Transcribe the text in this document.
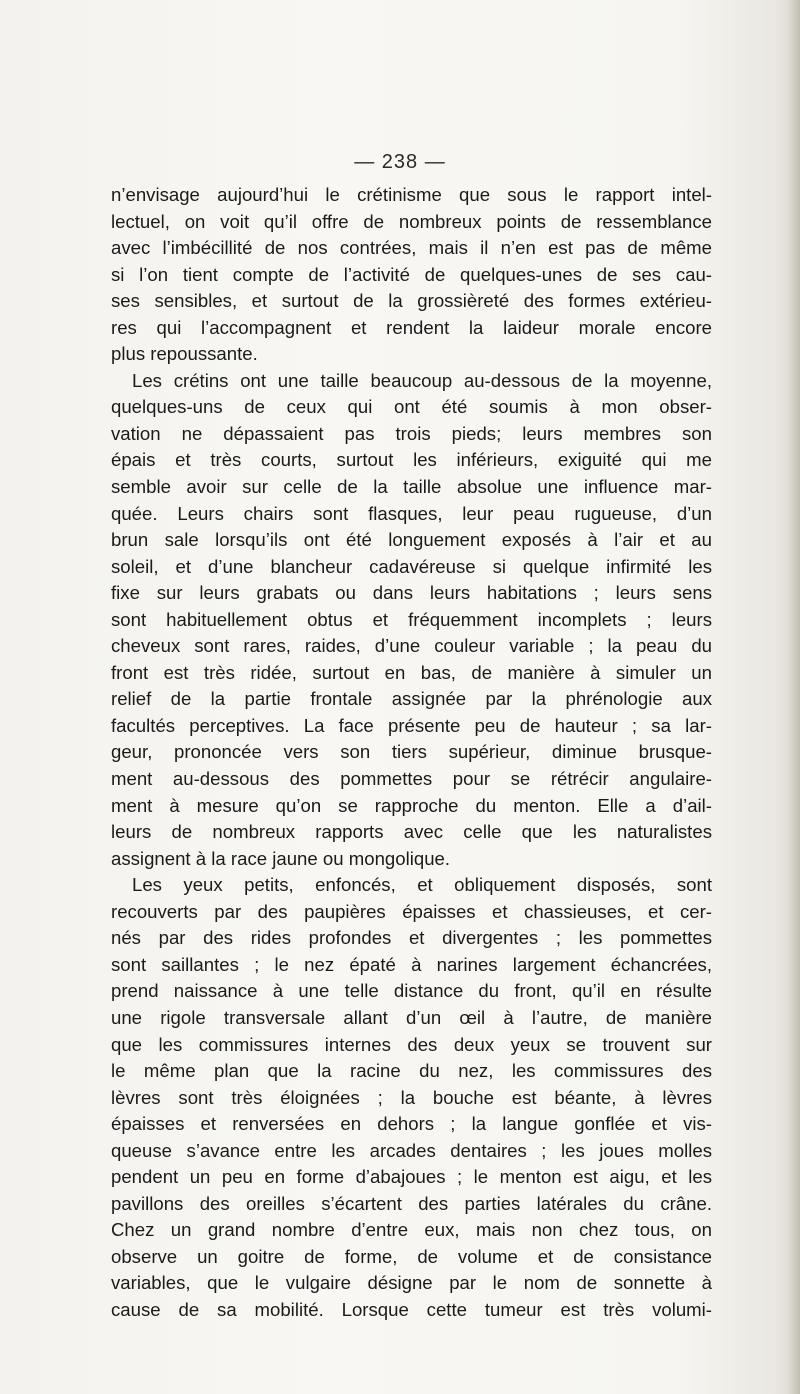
— 238 —
n’envisage aujourd’hui le crétinisme que sous le rapport intel-
lectuel, on voit qu’il offre de nombreux points de ressemblance
avec l’imbécillité de nos contrées, mais il n’en est pas de même
si l’on tient compte de l’activité de quelques-unes de ses cau-
ses sensibles, et surtout de la grossièreté des formes extérieu-
res qui l’accompagnent et rendent la laideur morale encore
plus repoussante.
Les crétins ont une taille beaucoup au-dessous de la moyenne,
quelques-uns de ceux qui ont été soumis à mon obser-
vation ne dépassaient pas trois pieds; leurs membres son
épais et très courts, surtout les inférieurs, exiguité qui me
semble avoir sur celle de la taille absolue une influence mar-
quée. Leurs chairs sont flasques, leur peau rugueuse, d’un
brun sale lorsqu’ils ont été longuement exposés à l’air et au
soleil, et d’une blancheur cadavéreuse si quelque infirmité les
fixe sur leurs grabats ou dans leurs habitations ; leurs sens
sont habituellement obtus et fréquemment incomplets ; leurs
cheveux sont rares, raides, d’une couleur variable ; la peau du
front est très ridée, surtout en bas, de manière à simuler un
relief de la partie frontale assignée par la phrénologie aux
facultés perceptives. La face présente peu de hauteur ; sa lar-
geur, prononcée vers son tiers supérieur, diminue brusque-
ment au-dessous des pommettes pour se rétrécir angulaire-
ment à mesure qu’on se rapproche du menton. Elle a d’ail-
leurs de nombreux rapports avec celle que les naturalistes
assignent à la race jaune ou mongolique.
Les yeux petits, enfoncés, et obliquement disposés, sont
recouverts par des paupières épaisses et chassieuses, et cer-
nés par des rides profondes et divergentes ; les pommettes
sont saillantes ; le nez épaté à narines largement échancrées,
prend naissance à une telle distance du front, qu’il en résulte
une rigole transversale allant d’un œil à l’autre, de manière
que les commissures internes des deux yeux se trouvent sur
le même plan que la racine du nez, les commissures des
lèvres sont très éloignées ; la bouche est béante, à lèvres
épaisses et renversées en dehors ; la langue gonflée et vis-
queuse s’avance entre les arcades dentaires ; les joues molles
pendent un peu en forme d’abajoues ; le menton est aigu, et les
pavillons des oreilles s’écartent des parties latérales du crâne.
Chez un grand nombre d’entre eux, mais non chez tous, on
observe un goitre de forme, de volume et de consistance
variables, que le vulgaire désigne par le nom de sonnette à
cause de sa mobilité. Lorsque cette tumeur est très volumi-
